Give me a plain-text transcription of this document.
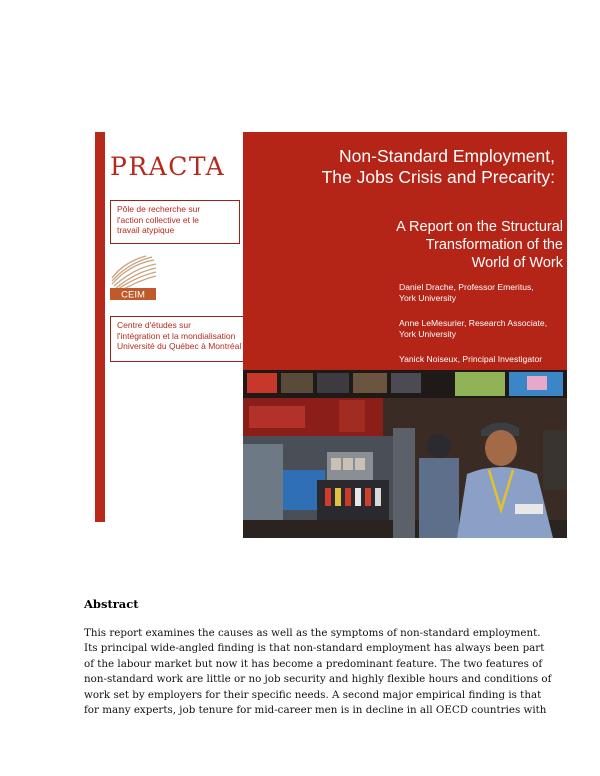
PRACTA
Pôle de recherche sur
l'action collective et le
travail atypique
CEIM
Centre d'études sur
l'intégration et la mondialisation
Université du Québec à Montréal
Non-Standard Employment,
The Jobs Crisis and Precarity:
A Report on the Structural
Transformation of the
World of Work

Daniel Drache, Professor Emeritus,
York University

Anne LeMesurier, Research Associate,
York University

Yanick Noiseux, Principal Investigator

Abstract

This report examines the causes as well as the symptoms of non-standard employment.
Its principal wide-angled finding is that non-standard employment has always been part
of the labour market but now it has become a predominant feature. The two features of
non-standard work are little or no job security and highly flexible hours and conditions of
work set by employers for their specific needs. A second major empirical finding is that
for many experts, job tenure for mid-career men is in decline in all OECD countries with
